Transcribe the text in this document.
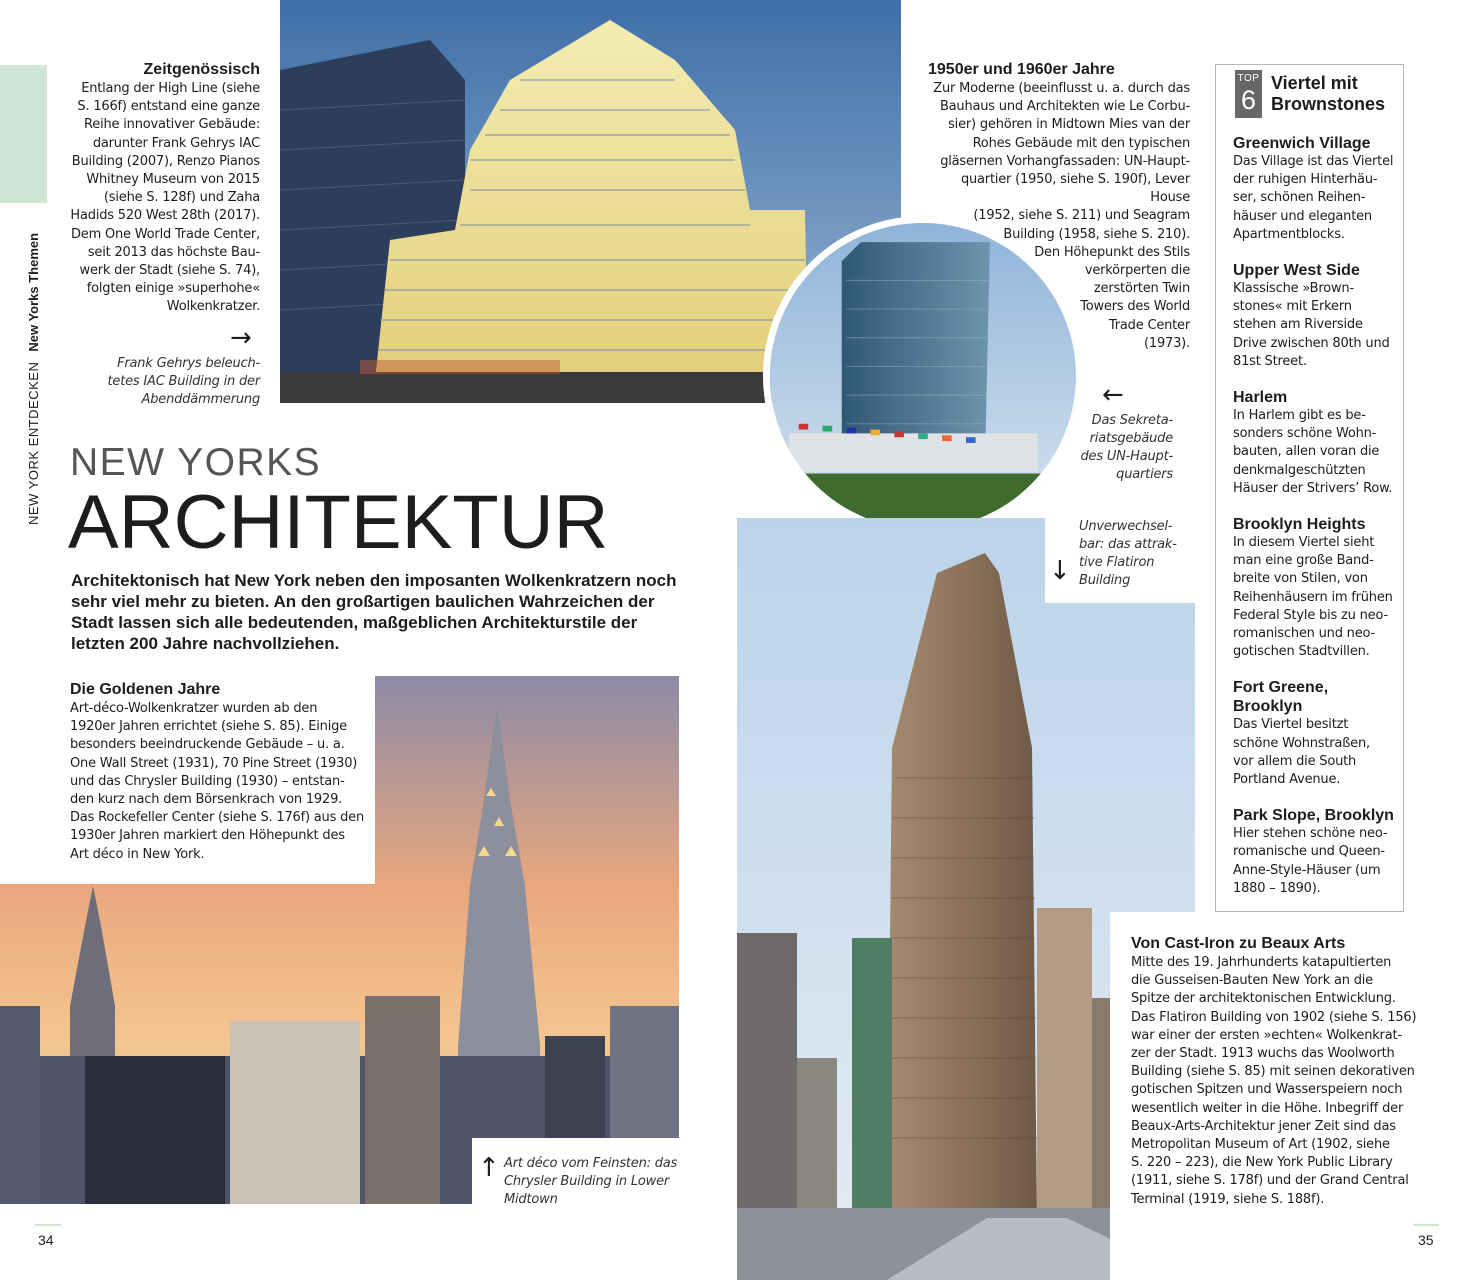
NEW YORK ENTDECKENNew Yorks Themen
Zeitgenössisch
Entlang der High Line (siehe
S. 166f) entstand eine ganze
Reihe innovativer Gebäude:
darunter Frank Gehrys IAC
Building (2007), Renzo Pianos
Whitney Museum von 2015
(siehe S. 128f) und Zaha
Hadids 520 West 28th (2017).
Dem One World Trade Center,
seit 2013 das höchste Bau-
werk der Stadt (siehe S. 74),
folgten einige »superhohe«
Wolkenkratzer.
→
Frank Gehrys beleuch-
tetes IAC Building in der
Abenddämmerung
1950er und 1960er Jahre
Zur Moderne (beeinflusst u. a. durch das
Bauhaus und Architekten wie Le Corbu-
sier) gehören in Midtown Mies van der
Rohes Gebäude mit den typischen
gläsernen Vorhangfassaden: UN-Haupt-
quartier (1950, siehe S. 190f), Lever House
(1952, siehe S. 211) und Seagram
Building (1958, siehe S. 210).
Den Höhepunkt des Stils
verkörperten die
zerstörten Twin
Towers des World
Trade Center
(1973).
←
Das Sekreta-
riatsgebäude
des UN-Haupt-
quartiers
NEW YORKS
ARCHITEKTUR
Architektonisch hat New York neben den imposanten Wolkenkratzern noch sehr viel mehr zu bieten. An den großartigen baulichen Wahrzeichen der Stadt lassen sich alle bedeutenden, maßgeblichen Architekturstile der letzten 200 Jahre nachvollziehen.
Die Goldenen Jahre
Art-déco-Wolkenkratzer wurden ab den
1920er Jahren errichtet (siehe S. 85). Einige
besonders beeindruckende Gebäude – u. a.
One Wall Street (1931), 70 Pine Street (1930)
und das Chrysler Building (1930) – entstan-
den kurz nach dem Börsenkrach von 1929.
Das Rockefeller Center (siehe S. 176f) aus den
1930er Jahren markiert den Höhepunkt des
Art déco in New York.
↑ Art déco vom Feinsten: das
Chrysler Building in Lower
Midtown
↓
Unverwechsel-
bar: das attrak-
tive Flatiron
Building
Von Cast-Iron zu Beaux Arts
Mitte des 19. Jahrhunderts katapultierten
die Gusseisen-Bauten New York an die
Spitze der architektonischen Entwicklung.
Das Flatiron Building von 1902 (siehe S. 156)
war einer der ersten »echten« Wolkenkrat-
zer der Stadt. 1913 wuchs das Woolworth
Building (siehe S. 85) mit seinen dekorativen
gotischen Spitzen und Wasserspeiern noch
wesentlich weiter in die Höhe. Inbegriff der
Beaux-Arts-Architektur jener Zeit sind das
Metropolitan Museum of Art (1902, siehe
S. 220 – 223), die New York Public Library
(1911, siehe S. 178f) und der Grand Central
Terminal (1919, siehe S. 188f).
TOP
6
Viertel mit
Brownstones
Greenwich Village
Das Village ist das Viertel
der ruhigen Hinterhäu-
ser, schönen Reihen-
häuser und eleganten
Apartmentblocks.
Upper West Side
Klassische »Brown-
stones« mit Erkern
stehen am Riverside
Drive zwischen 80th und
81st Street.
Harlem
In Harlem gibt es be-
sonders schöne Wohn-
bauten, allen voran die
denkmalgeschützten
Häuser der Strivers’ Row.
Brooklyn Heights
In diesem Viertel sieht
man eine große Band-
breite von Stilen, von
Reihenhäusern im frühen
Federal Style bis zu neo-
romanischen und neo-
gotischen Stadtvillen.
Fort Greene,
Brooklyn
Das Viertel besitzt
schöne Wohnstraßen,
vor allem die South
Portland Avenue.
Park Slope, Brooklyn
Hier stehen schöne neo-
romanische und Queen-
Anne-Style-Häuser (um
1880 – 1890).
34	35
